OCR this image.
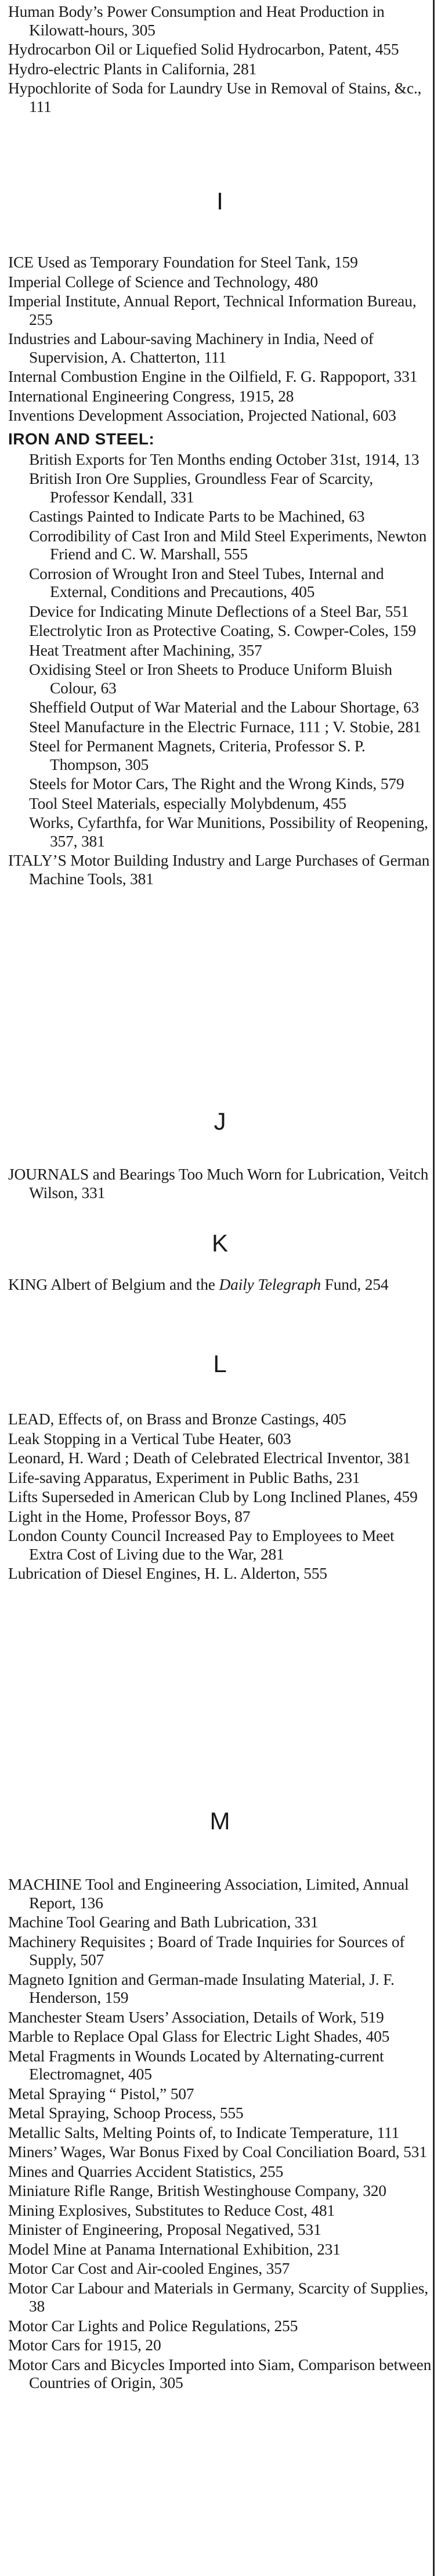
Human Body’s Power Consumption and Heat Production in Kilowatt-hours, 305
Hydrocarbon Oil or Liquefied Solid Hydrocarbon, Patent, 455
Hydro-electric Plants in California, 281
Hypochlorite of Soda for Laundry Use in Removal of Stains, &c., 111
I
ICE Used as Temporary Foundation for Steel Tank, 159
Imperial College of Science and Technology, 480
Imperial Institute, Annual Report, Technical Information Bureau, 255
Industries and Labour-saving Machinery in India, Need of Supervision, A. Chatterton, 111
Internal Combustion Engine in the Oilfield, F. G. Rappoport, 331
International Engineering Congress, 1915, 28
Inventions Development Association, Projected National, 603
IRON AND STEEL:
British Exports for Ten Months ending October 31st, 1914, 13
British Iron Ore Supplies, Groundless Fear of Scarcity, Professor Kendall, 331
Castings Painted to Indicate Parts to be Machined, 63
Corrodibility of Cast Iron and Mild Steel Experiments, Newton Friend and C. W. Marshall, 555
Corrosion of Wrought Iron and Steel Tubes, Internal and External, Conditions and Precautions, 405
Device for Indicating Minute Deflections of a Steel Bar, 551
Electrolytic Iron as Protective Coating, S. Cowper-Coles, 159
Heat Treatment after Machining, 357
Oxidising Steel or Iron Sheets to Produce Uniform Bluish Colour, 63
Sheffield Output of War Material and the Labour Shortage, 63
Steel Manufacture in the Electric Furnace, 111 ; V. Stobie, 281
Steel for Permanent Magnets, Criteria, Professor S. P. Thompson, 305
Steels for Motor Cars, The Right and the Wrong Kinds, 579
Tool Steel Materials, especially Molybdenum, 455
Works, Cyfarthfa, for War Munitions, Possibility of Reopening, 357, 381
ITALY’S Motor Building Industry and Large Purchases of German Machine Tools, 381
J
JOURNALS and Bearings Too Much Worn for Lubrication, Veitch Wilson, 331
K
KING Albert of Belgium and the Daily Telegraph Fund, 254
L
LEAD, Effects of, on Brass and Bronze Castings, 405
Leak Stopping in a Vertical Tube Heater, 603
Leonard, H. Ward ; Death of Celebrated Electrical Inventor, 381
Life-saving Apparatus, Experiment in Public Baths, 231
Lifts Superseded in American Club by Long Inclined Planes, 459
Light in the Home, Professor Boys, 87
London County Council Increased Pay to Employees to Meet Extra Cost of Living due to the War, 281
Lubrication of Diesel Engines, H. L. Alderton, 555
M
MACHINE Tool and Engineering Association, Limited, Annual Report, 136
Machine Tool Gearing and Bath Lubrication, 331
Machinery Requisites ; Board of Trade Inquiries for Sources of Supply, 507
Magneto Ignition and German-made Insulating Material, J. F. Henderson, 159
Manchester Steam Users’ Association, Details of Work, 519
Marble to Replace Opal Glass for Electric Light Shades, 405
Metal Fragments in Wounds Located by Alternating-current Electromagnet, 405
Metal Spraying “ Pistol,” 507
Metal Spraying, Schoop Process, 555
Metallic Salts, Melting Points of, to Indicate Temperature, 111
Miners’ Wages, War Bonus Fixed by Coal Conciliation Board, 531
Mines and Quarries Accident Statistics, 255
Miniature Rifle Range, British Westinghouse Company, 320
Mining Explosives, Substitutes to Reduce Cost, 481
Minister of Engineering, Proposal Negatived, 531
Model Mine at Panama International Exhibition, 231
Motor Car Cost and Air-cooled Engines, 357
Motor Car Labour and Materials in Germany, Scarcity of Supplies, 38
Motor Car Lights and Police Regulations, 255
Motor Cars for 1915, 20
Motor Cars and Bicycles Imported into Siam, Comparison between Countries of Origin, 305
